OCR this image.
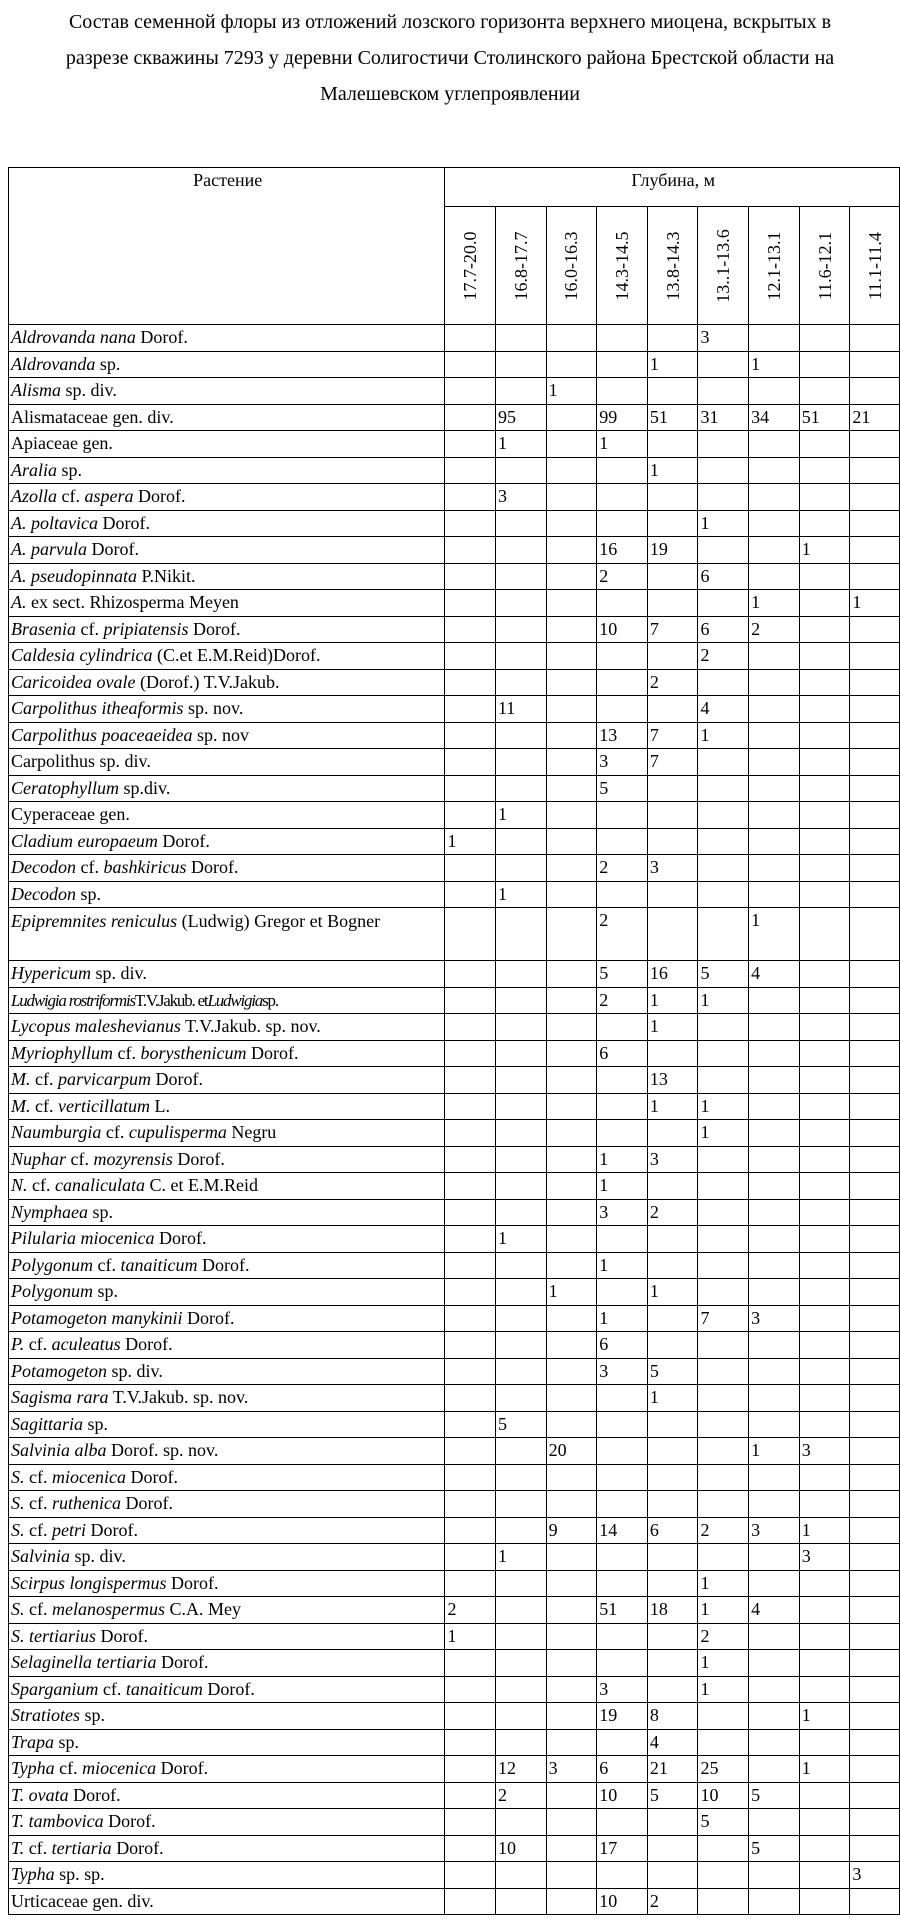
Состав семенной флоры из отложений лозского горизонта верхнего миоцена, вскрытых в
разрезе скважины 7293 у деревни Солигостичи Столинского района Брестской области на
Малешевском углепроявлении
Растение	Глубина, м								

	17.7-20.0	16.8-17.7	16.0-16.3	14.3-14.5	13.8-14.3	13..1-13.6	12.1-13.1	11.6-12.1	11.1-11.4

Aldrovanda nana Dorof.						3			
Aldrovanda sp.					1		1		
Alisma sp. div.			1						
Alismataceae gen. div.		95		99	51	31	34	51	21
Apiaceae gen.		1		1					
Aralia sp.					1				
Azolla cf. aspera Dorof.		3							
A. poltavica Dorof.						1			
A. parvula Dorof.				16	19			1	
A. pseudopinnata P.Nikit.				2		6			
A. ex sect. Rhizosperma Meyen							1		1
Brasenia cf. pripiatensis Dorof.				10	7	6	2		
Caldesia cylindrica (C.et E.M.Reid)Dorof.						2			
Caricoidea ovale (Dorof.) T.V.Jakub.					2				
Carpolithus itheaformis sp. nov.		11				4			
Carpolithus poaceaeidea sp. nov				13	7	1			
Carpolithus sp. div.				3	7				
Ceratophyllum sp.div.				5					
Cyperaceae gen.		1							
Cladium europaeum Dorof.	1								
Decodon cf. bashkiricus Dorof.				2	3				
Decodon sp.		1							
Epipremnites reniculus (Ludwig) Gregor et Bogner				2			1		
Hypericum sp. div.				5	16	5	4		
Ludwigia rostriformisT.V.Jakub. etLudwigiasp.				2	1	1			
Lycopus maleshevianus T.V.Jakub. sp. nov.					1				
Myriophyllum cf. borysthenicum Dorof.				6					
M. cf. parvicarpum Dorof.					13				
M. cf. verticillatum L.					1	1			
Naumburgia cf. cupulisperma Negru						1			
Nuphar cf. mozyrensis Dorof.				1	3				
N. cf. canaliculata C. et E.M.Reid				1					
Nymphaea sp.				3	2				
Pilularia miocenica Dorof.		1							
Polygonum cf. tanaiticum Dorof.				1					
Polygonum sp.			1		1				
Potamogeton manykinii Dorof.				1		7	3		
P. cf. aculeatus Dorof.				6					
Potamogeton sp. div.				3	5				
Sagisma rara T.V.Jakub. sp. nov.					1				
Sagittaria sp.		5							
Salvinia alba Dorof. sp. nov.			20				1	3	
S. cf. miocenica Dorof.									
S. cf. ruthenica Dorof.									
S. cf. petri Dorof.			9	14	6	2	3	1	
Salvinia sp. div.		1						3	
Scirpus longispermus Dorof.						1			
S. cf. melanospermus C.A. Mey	2			51	18	1	4		
S. tertiarius Dorof.	1					2			
Selaginella tertiaria Dorof.						1			
Sparganium cf. tanaiticum Dorof.				3		1			
Stratiotes sp.				19	8			1	
Trapa sp.					4				
Typha cf. miocenica Dorof.		12	3	6	21	25		1	
T. ovata Dorof.		2		10	5	10	5		
T. tambovica Dorof.						5			
T. cf. tertiaria Dorof.		10		17			5		
Typha sp. sp.									3
Urticaceae gen. div.				10	2				
